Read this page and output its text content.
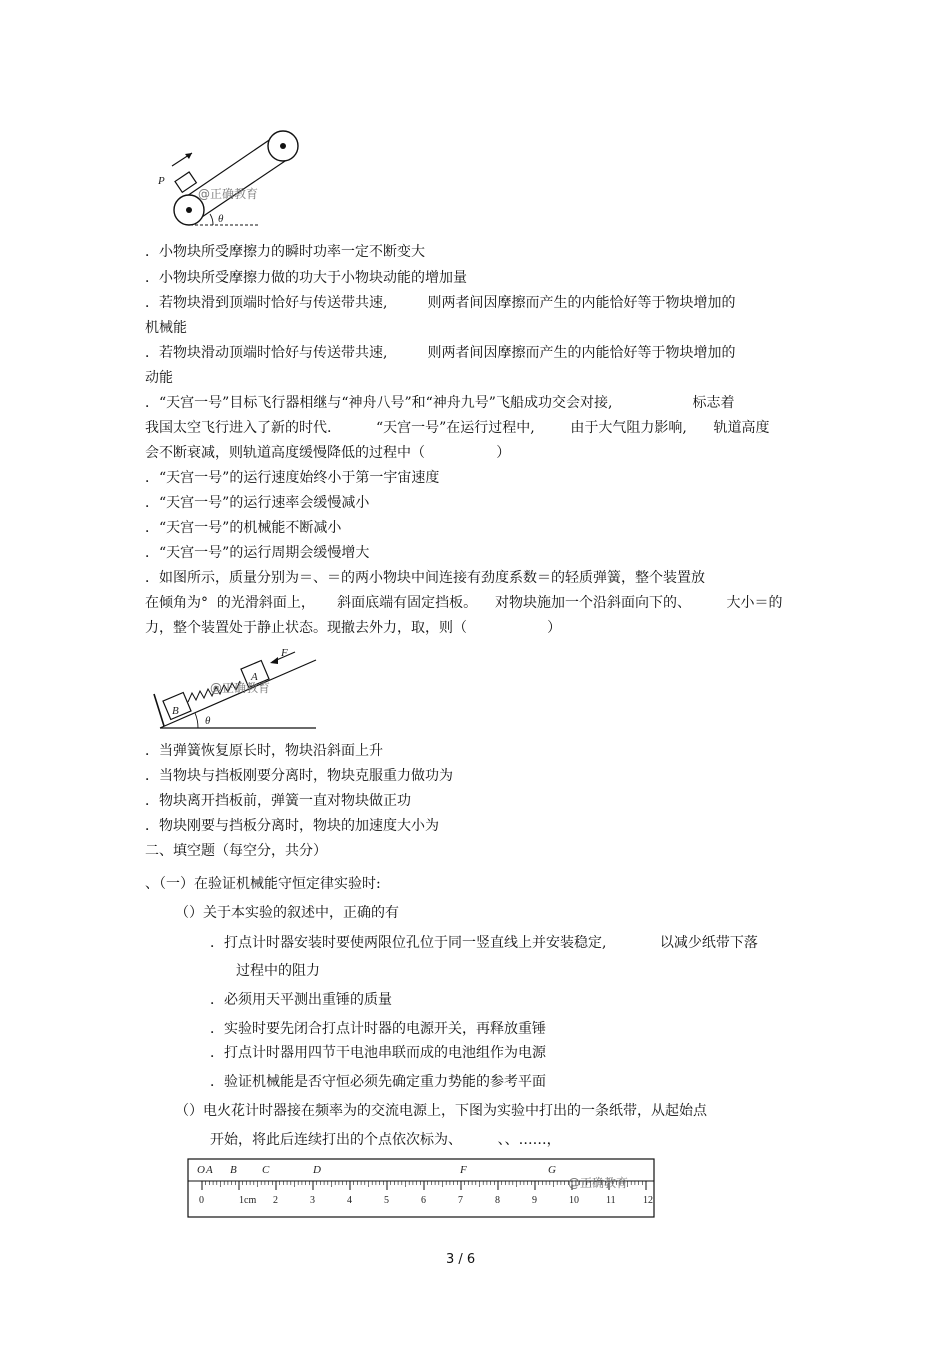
P
θ
@正确教育
．小物块所受摩擦力的瞬时功率一定不断变大
．小物块所受摩擦力做的功大于小物块动能的增加量
．若物块滑到顶端时恰好与传送带共速,         则两者间因摩擦而产生的内能恰好等于物块增加的
机械能
．若物块滑动顶端时恰好与传送带共速,         则两者间因摩擦而产生的内能恰好等于物块增加的
动能
．“天宫一号”目标飞行器相继与“神舟八号”和“神舟九号”飞船成功交会对接,                  标志着
我国太空飞行进入了新的时代.          “天宫一号”在运行过程中,        由于大气阻力影响,      轨道高度
会不断衰减，则轨道高度缓慢降低的过程中（                ）
．“天宫一号”的运行速度始终小于第一宇宙速度
．“天宫一号”的运行速率会缓慢减小
．“天宫一号”的机械能不断减小
．“天宫一号”的运行周期会缓慢增大
．如图所示，质量分别为＝、＝的两小物块中间连接有劲度系数＝的轻质弹簧，整个装置放
在倾角为°  的光滑斜面上，     斜面底端有固定挡板。    对物块施加一个沿斜面向下的、        大小＝的
力，整个装置处于静止状态。现撤去外力，取，则（                  ）
F
A
B
θ
@正确教育
．当弹簧恢复原长时，物块沿斜面上升
．当物块与挡板刚要分离时，物块克服重力做功为
．物块离开挡板前，弹簧一直对物块做正功
．物块刚要与挡板分离时，物块的加速度大小为
二、填空题（每空分，共分）
、（一）在验证机械能守恒定律实验时:
（）关于本实验的叙述中，正确的有
．打点计时器安装时要使两限位孔位于同一竖直线上并安装稳定,            以减少纸带下落
过程中的阻力
．必须用天平测出重锤的质量
．实验时要先闭合打点计时器的电源开关，再释放重锤
．打点计时器用四节干电池串联而成的电池组作为电源
．验证机械能是否守恒必须先确定重力势能的参考平面
（）电火花计时器接在频率为的交流电源上，下图为实验中打出的一条纸带，从起始点
开始，将此后连续打出的个点依次标为、        、、……，
0	1cm 2	3	4	5	6	7	8	9	10	11	12
O A B C	D	F	G
@正确教育
3 / 6
